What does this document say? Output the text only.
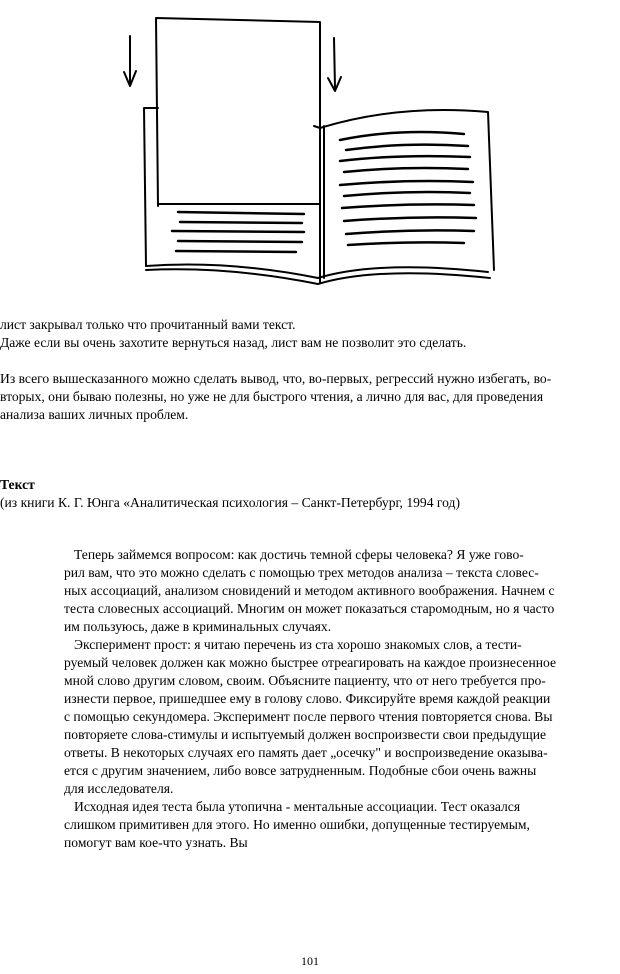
лист закрывал только что прочитанный вами текст.

Даже если вы очень захотите вернуться назад, лист вам не позволит это сделать.

Из всего вышесказанного можно сделать вывод, что, во-первых, регрессий нужно избегать, во-

вторых, они бываю полезны, но уже не для быстрого чтения, а лично для вас, для проведения

анализа ваших личных проблем.

Текст

(из книги К. Г. Юнга «Аналитическая психология – Санкт-Петербург, 1994 год)

Теперь займемся вопросом: как достичь темной сферы человека? Я уже гово-

рил вам, что это можно сделать с помощью трех методов анализа – текста словес-

ных ассоциаций, анализом сновидений и методом активного воображения. Начнем с

теста словесных ассоциаций. Многим он может показаться старомодным, но я часто

им пользуюсь, даже в криминальных случаях.

Эксперимент прост: я читаю перечень из ста хорошо знакомых слов, а тести-

руемый человек должен как можно быстрее отреагировать на каждое произнесенное

мной слово другим словом, своим. Объясните пациенту, что от него требуется про-

изнести первое, пришедшее ему в голову слово. Фиксируйте время каждой реакции

с помощью секундомера. Эксперимент после первого чтения повторяется снова. Вы

повторяете слова-стимулы и испытуемый должен воспроизвести свои предыдущие

ответы. В некоторых случаях его память дает „осечку" и воспроизведение оказыва-

ется с другим значением, либо вовсе затрудненным. Подобные сбои очень важны

для исследователя.

Исходная идея теста была утопична - ментальные ассоциации. Тест оказался

слишком примитивен для этого. Но именно ошибки, допущенные тестируемым,

помогут вам кое-что узнать. Вы

101
